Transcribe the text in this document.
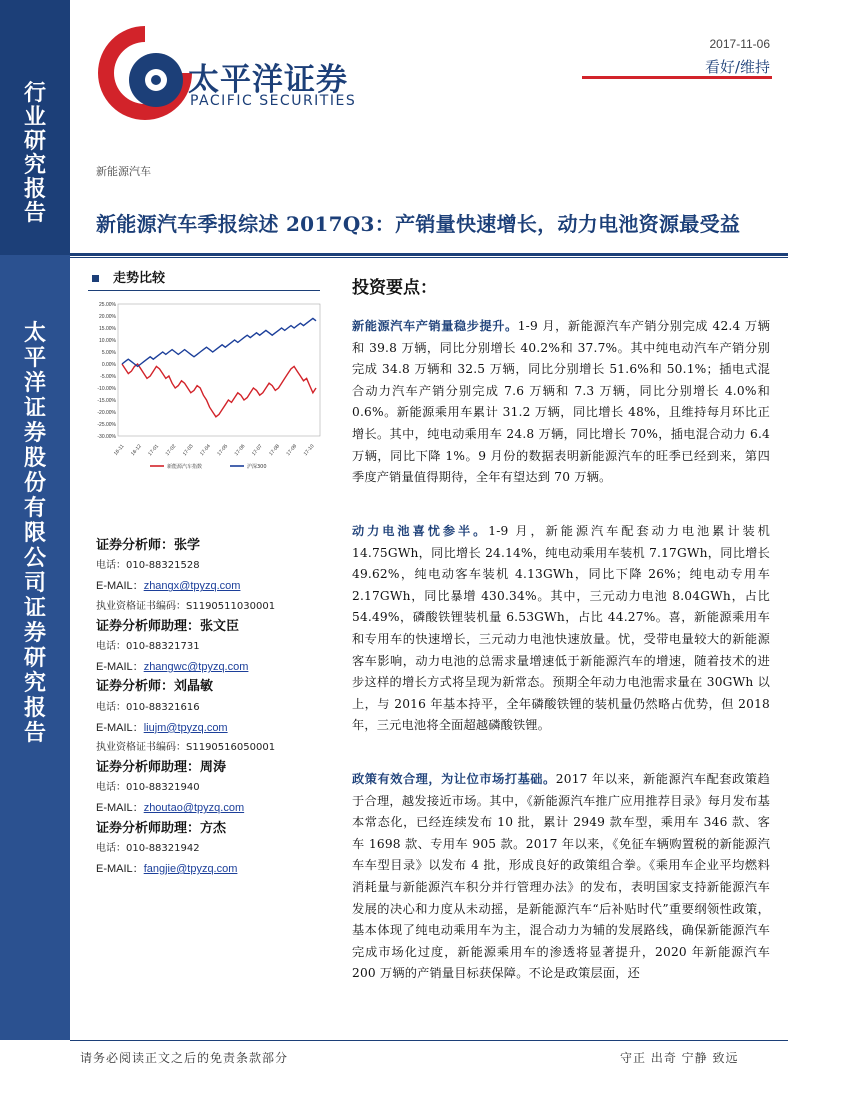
行
业
研
究
报
告
太
平
洋
证
券
股
份
有
限
公
司
证
券
研
究
报
告
太平洋证券
PACIFIC SECURITIES
2017-11-06
看好/维持
新能源汽车
新能源汽车季报综述 2017Q3：产销量快速增长，动力电池资源最受益
走势比较
25.00%
20.00%
15.00%
10.00%
5.00%
0.00%
-5.00%
-10.00%
-15.00%
-20.00%
-25.00%
-30.00%
16-11 16-12 17-01 17-02 17-03 17-04 17-05 17-06 17-07 17-08 17-09 17-10
新能源汽车指数	沪深300
证券分析师：张学
电话：010-88321528
E-MAIL：zhangx@tpyzq.com
执业资格证书编码：S1190511030001
证券分析师助理：张文臣
电话：010-88321731
E-MAIL：zhangwc@tpyzq.com
证券分析师：刘晶敏
电话：010-88321616
E-MAIL：liujm@tpyzq.com
执业资格证书编码：S1190516050001
证券分析师助理：周涛
电话：010-88321940
E-MAIL：zhoutao@tpyzq.com
证券分析师助理：方杰
电话：010-88321942
E-MAIL：fangjie@tpyzq.com
投资要点：
新能源汽车产销量稳步提升。1-9 月，新能源汽车产销分别完成 42.4 万辆和 39.8 万辆，同比分别增长 40.2%和 37.7%。其中纯电动汽车产销分别完成 34.8 万辆和 32.5 万辆，同比分别增长 51.6%和 50.1%；插电式混合动力汽车产销分别完成 7.6 万辆和 7.3 万辆，同比分别增长 4.0%和 0.6%。新能源乘用车累计 31.2 万辆，同比增长 48%，且维持每月环比正增长。其中，纯电动乘用车 24.8 万辆，同比增长 70%，插电混合动力 6.4 万辆，同比下降 1%。9 月份的数据表明新能源汽车的旺季已经到来，第四季度产销量值得期待，全年有望达到 70 万辆。
动力电池喜忧参半。1-9 月，新能源汽车配套动力电池累计装机 14.75GWh，同比增长 24.14%，纯电动乘用车装机 7.17GWh，同比增长 49.62%，纯电动客车装机 4.13GWh，同比下降 26%；纯电动专用车 2.17GWh，同比暴增 430.34%。其中，三元动力电池 8.04GWh，占比 54.49%，磷酸铁锂装机量 6.53GWh，占比 44.27%。喜，新能源乘用车和专用车的快速增长，三元动力电池快速放量。忧，受带电量较大的新能源客车影响，动力电池的总需求量增速低于新能源汽车的增速，随着技术的进步这样的增长方式将呈现为新常态。预期全年动力电池需求量在 30GWh 以上，与 2016 年基本持平，全年磷酸铁锂的装机量仍然略占优势，但 2018 年，三元电池将全面超越磷酸铁锂。
政策有效合理，为让位市场打基础。2017 年以来，新能源汽车配套政策趋于合理，越发接近市场。其中，《新能源汽车推广应用推荐目录》每月发布基本常态化，已经连续发布 10 批，累计 2949 款车型，乘用车 346 款、客车 1698 款、专用车 905 款。2017 年以来，《免征车辆购置税的新能源汽车车型目录》以发布 4 批，形成良好的政策组合拳。《乘用车企业平均燃料消耗量与新能源汽车积分并行管理办法》的发布，表明国家支持新能源汽车发展的决心和力度从未动摇，是新能源汽车“后补贴时代”重要纲领性政策，基本体现了纯电动乘用车为主，混合动力为辅的发展路线，确保新能源汽车完成市场化过度，新能源乘用车的渗透将显著提升，2020 年新能源汽车 200 万辆的产销量目标获保障。不论是政策层面，还
请务必阅读正文之后的免责条款部分	守正 出奇 宁静 致远
